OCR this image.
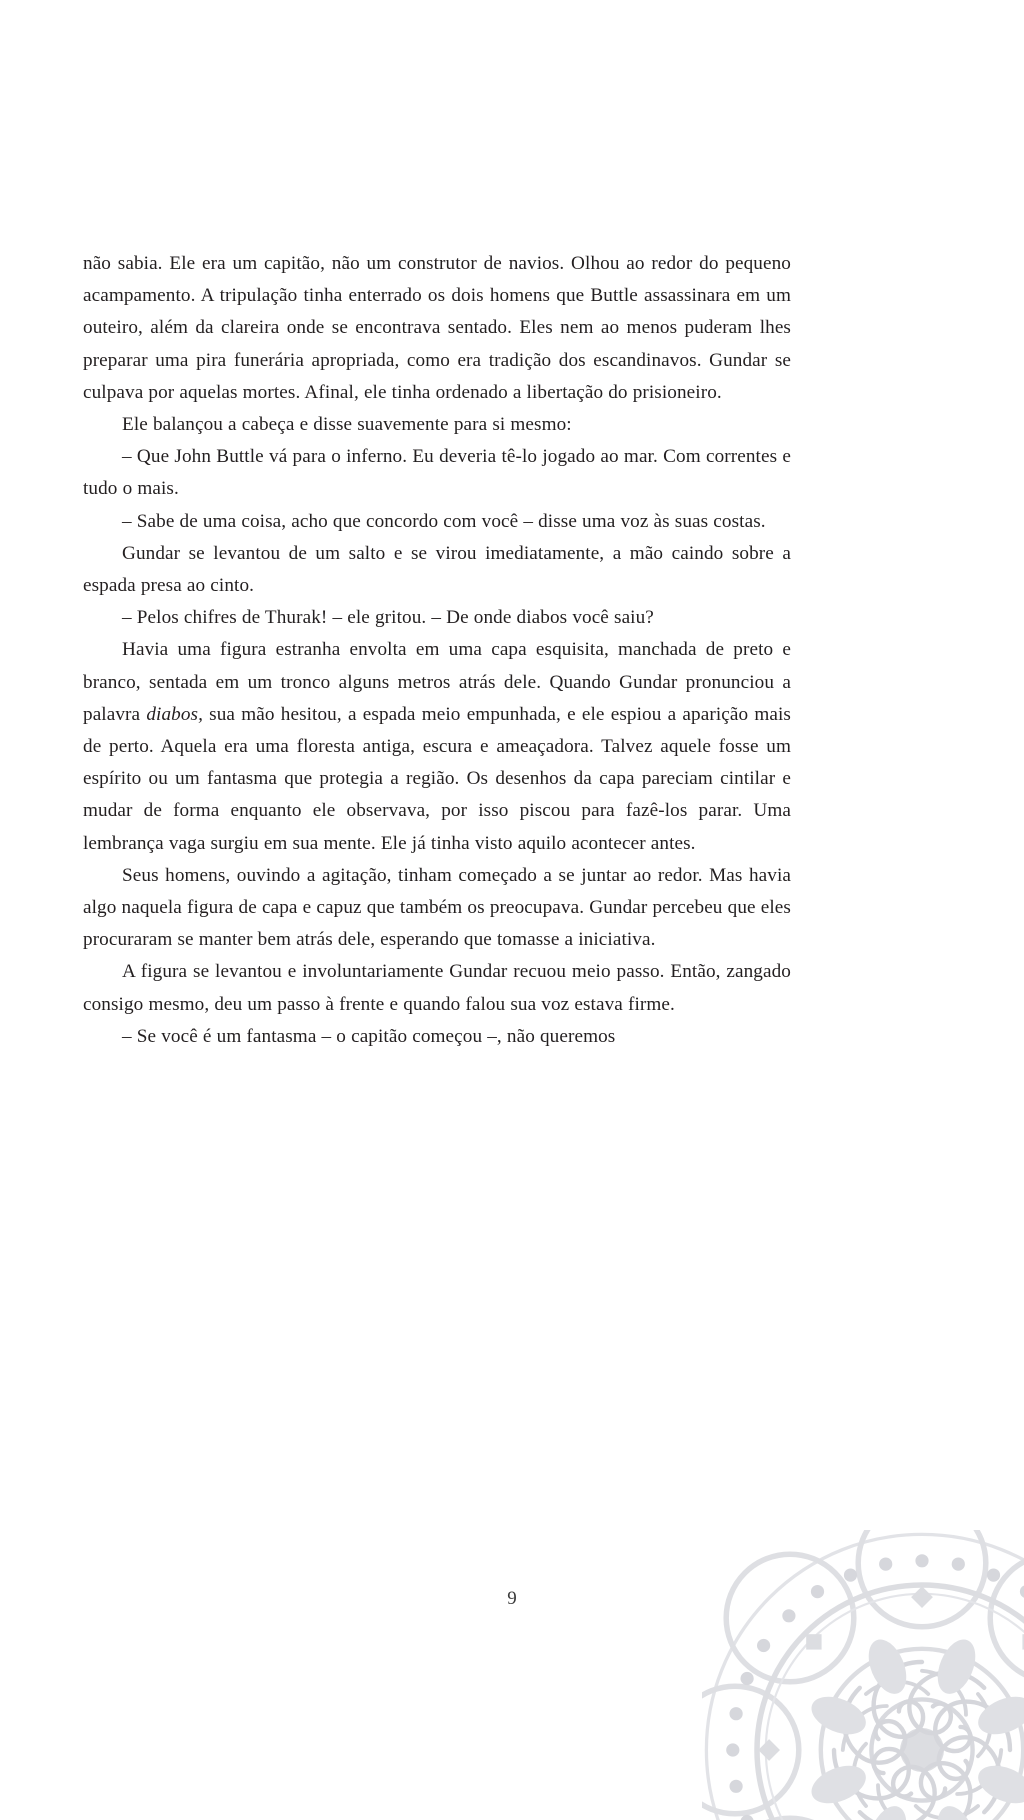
não sabia. Ele era um capitão, não um construtor de navios. Olhou ao redor do pequeno acampamento. A tripulação tinha enterrado os dois homens que Buttle assassinara em um outeiro, além da clareira onde se encontrava sentado. Eles nem ao menos puderam lhes preparar uma pira funerária apropriada, como era tradição dos escandinavos. Gundar se culpava por aquelas mortes. Afinal, ele tinha ordenado a libertação do prisioneiro.

Ele balançou a cabeça e disse suavemente para si mesmo:

– Que John Buttle vá para o inferno. Eu deveria tê-lo jogado ao mar. Com correntes e tudo o mais.

– Sabe de uma coisa, acho que concordo com você – disse uma voz às suas costas.

Gundar se levantou de um salto e se virou imediatamente, a mão caindo sobre a espada presa ao cinto.

– Pelos chifres de Thurak! – ele gritou. – De onde diabos você saiu?

Havia uma figura estranha envolta em uma capa esquisita, manchada de preto e branco, sentada em um tronco alguns metros atrás dele. Quando Gundar pronunciou a palavra diabos, sua mão hesitou, a espada meio empunhada, e ele espiou a aparição mais de perto. Aquela era uma floresta antiga, escura e ameaçadora. Talvez aquele fosse um espírito ou um fantasma que protegia a região. Os desenhos da capa pareciam cintilar e mudar de forma enquanto ele observava, por isso piscou para fazê-los parar. Uma lembrança vaga surgiu em sua mente. Ele já tinha visto aquilo acontecer antes.

Seus homens, ouvindo a agitação, tinham começado a se juntar ao redor. Mas havia algo naquela figura de capa e capuz que também os preocupava. Gundar percebeu que eles procuraram se manter bem atrás dele, esperando que tomasse a iniciativa.

A figura se levantou e involuntariamente Gundar recuou meio passo. Então, zangado consigo mesmo, deu um passo à frente e quando falou sua voz estava firme.

– Se você é um fantasma – o capitão começou –, não queremos

9
